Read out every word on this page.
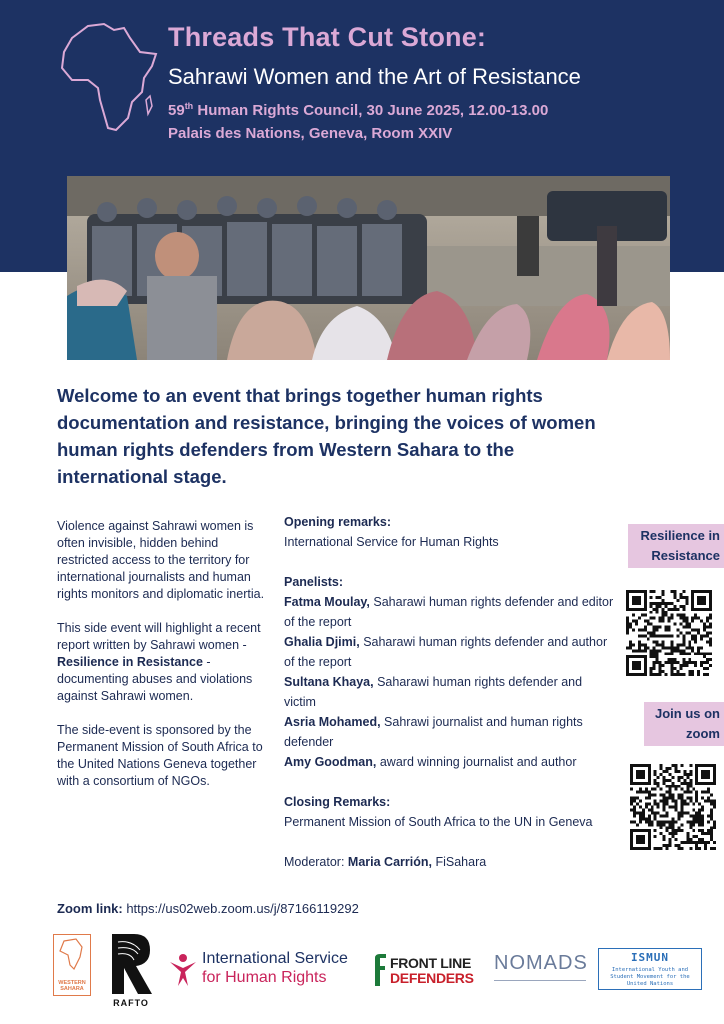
Threads That Cut Stone:
Sahrawi Women and the Art of Resistance
59th Human Rights Council, 30 June 2025, 12.00-13.00
Palais des Nations, Geneva, Room XXIV
Welcome to an event that brings together human rights documentation and resistance, bringing the voices of women human rights defenders from Western Sahara to the international stage.

Violence against Sahrawi women is often invisible, hidden behind restricted access to the territory for international journalists and human rights monitors and diplomatic inertia.

This side event will highlight a recent report written by Sahrawi women - Resilience in Resistance - documenting abuses and violations against Sahrawi women.

The side-event is sponsored by the Permanent Mission of South Africa to the United Nations Geneva together with a consortium of NGOs.

Opening remarks:
International Service for Human Rights
Panelists:
Fatma Moulay, Saharawi human rights defender and editor of the report
Ghalia Djimi, Saharawi human rights defender and author of the report
Sultana Khaya, Saharawi human rights defender and victim
Asria Mohamed, Sahrawi journalist and human rights defender
Amy Goodman, award winning journalist and author
Closing Remarks:
Permanent Mission of South Africa to the UN in Geneva
Moderator: Maria Carrión, FiSahara
Resilience in
Resistance
Join us on
zoom
Zoom link: https://us02web.zoom.us/j/87166119292
WESTERN SAHARA
RAFTO
International Service
for Human Rights
FRONT LINE
DEFENDERS
NOMADS	ISMUN
International Youth and Student Movement for the United Nations
